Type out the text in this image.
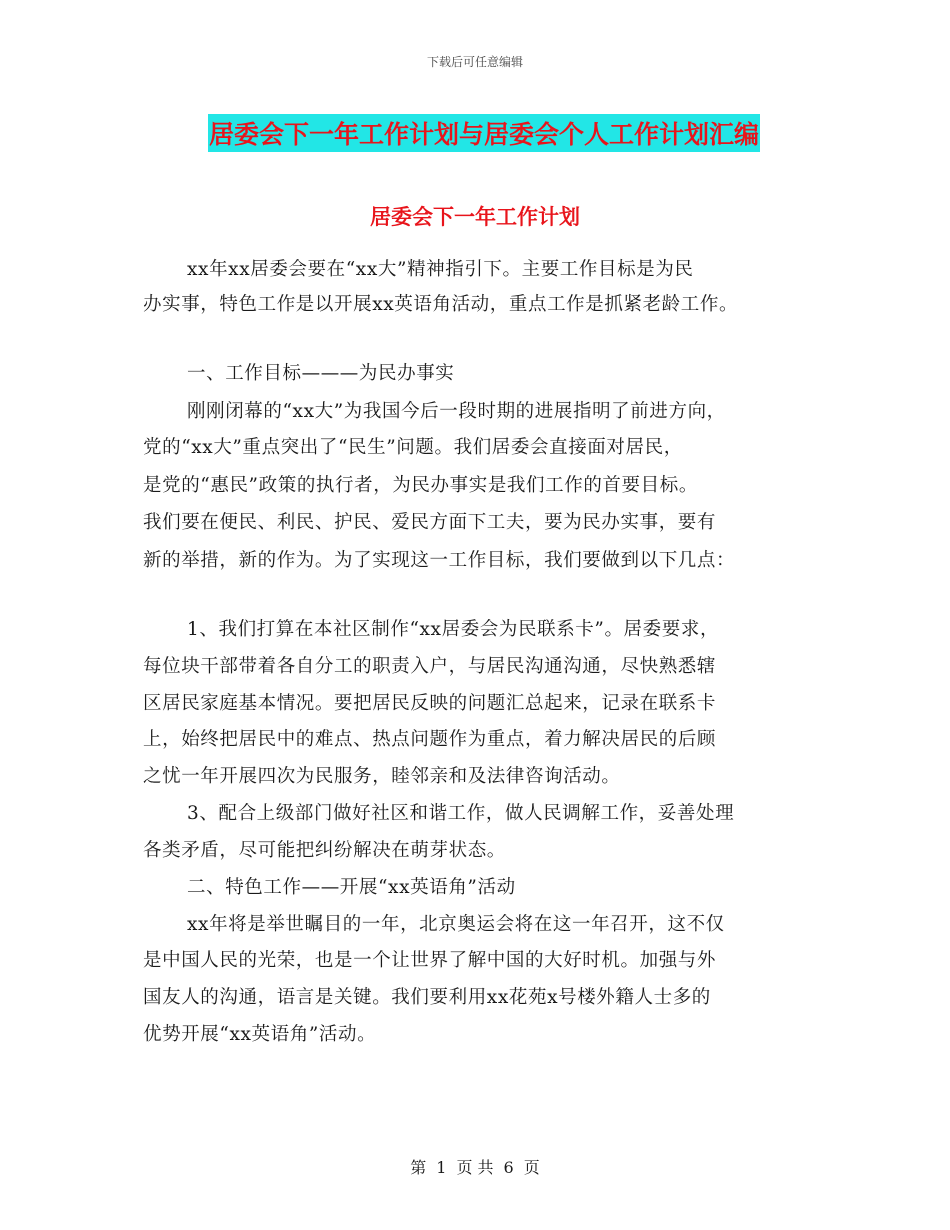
下载后可任意编辑
居委会下一年工作计划与居委会个人工作计划汇编
居委会下一年工作计划
xx年xx居委会要在“xx大”精神指引下。主要工作目标是为民
办实事，特色工作是以开展xx英语角活动，重点工作是抓紧老龄工作。
一、工作目标———为民办事实
刚刚闭幕的“xx大”为我国今后一段时期的进展指明了前进方向，
党的“xx大”重点突出了“民生”问题。我们居委会直接面对居民，
是党的“惠民”政策的执行者，为民办事实是我们工作的首要目标。
我们要在便民、利民、护民、爱民方面下工夫，要为民办实事，要有
新的举措，新的作为。为了实现这一工作目标，我们要做到以下几点：
1、我们打算在本社区制作“xx居委会为民联系卡”。居委要求，
每位块干部带着各自分工的职责入户，与居民沟通沟通，尽快熟悉辖
区居民家庭基本情况。要把居民反映的问题汇总起来，记录在联系卡
上，始终把居民中的难点、热点问题作为重点，着力解决居民的后顾
之忧一年开展四次为民服务，睦邻亲和及法律咨询活动。
3、配合上级部门做好社区和谐工作，做人民调解工作，妥善处理
各类矛盾，尽可能把纠纷解决在萌芽状态。
二、特色工作——开展“xx英语角”活动
xx年将是举世瞩目的一年，北京奥运会将在这一年召开，这不仅
是中国人民的光荣，也是一个让世界了解中国的大好时机。加强与外
国友人的沟通，语言是关键。我们要利用xx花苑x号楼外籍人士多的
优势开展“xx英语角”活动。
第 1 页 共 6 页
